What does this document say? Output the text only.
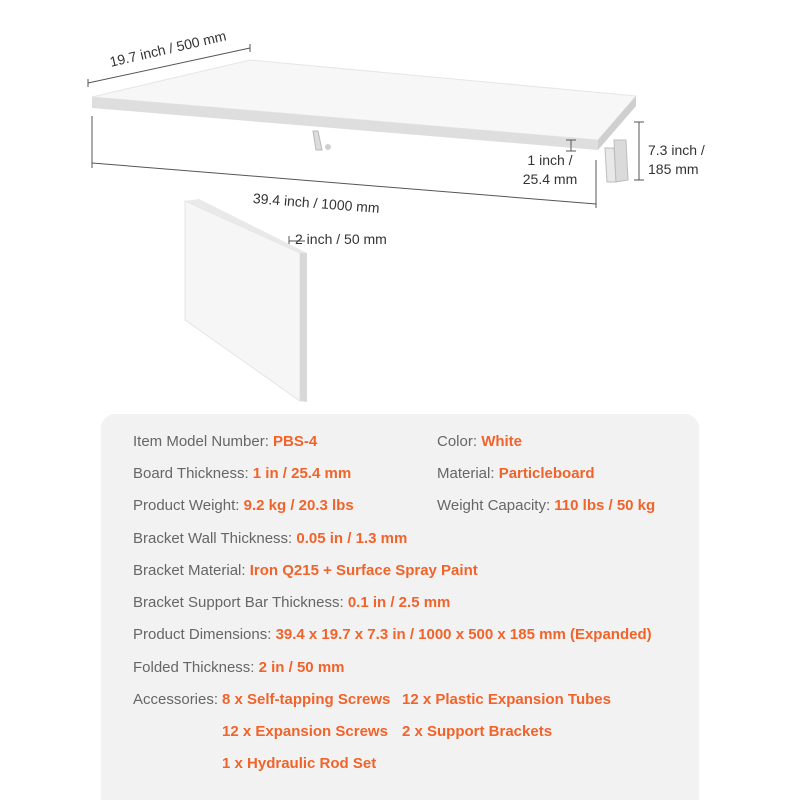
19.7 inch / 500 mm
39.4 inch / 1000 mm
1 inch /
25.4 mm
7.3 inch /
185 mm
2 inch / 50 mm
Item Model Number: PBS-4	Color: White
Board Thickness: 1 in / 25.4 mm	Material: Particleboard
Product Weight: 9.2 kg / 20.3 lbs	Weight Capacity: 110 lbs / 50 kg
Bracket Wall Thickness: 0.05 in / 1.3 mm
Bracket Material: Iron Q215 + Surface Spray Paint
Bracket Support Bar Thickness: 0.1 in / 2.5 mm
Product Dimensions: 39.4 x 19.7 x 7.3 in / 1000 x 500 x 185 mm (Expanded)
Folded Thickness: 2 in / 50 mm
Accessories: 8 x Self-tapping Screws 12 x Plastic Expansion Tubes
12 x Expansion Screws 2 x Support Brackets
1 x Hydraulic Rod Set
